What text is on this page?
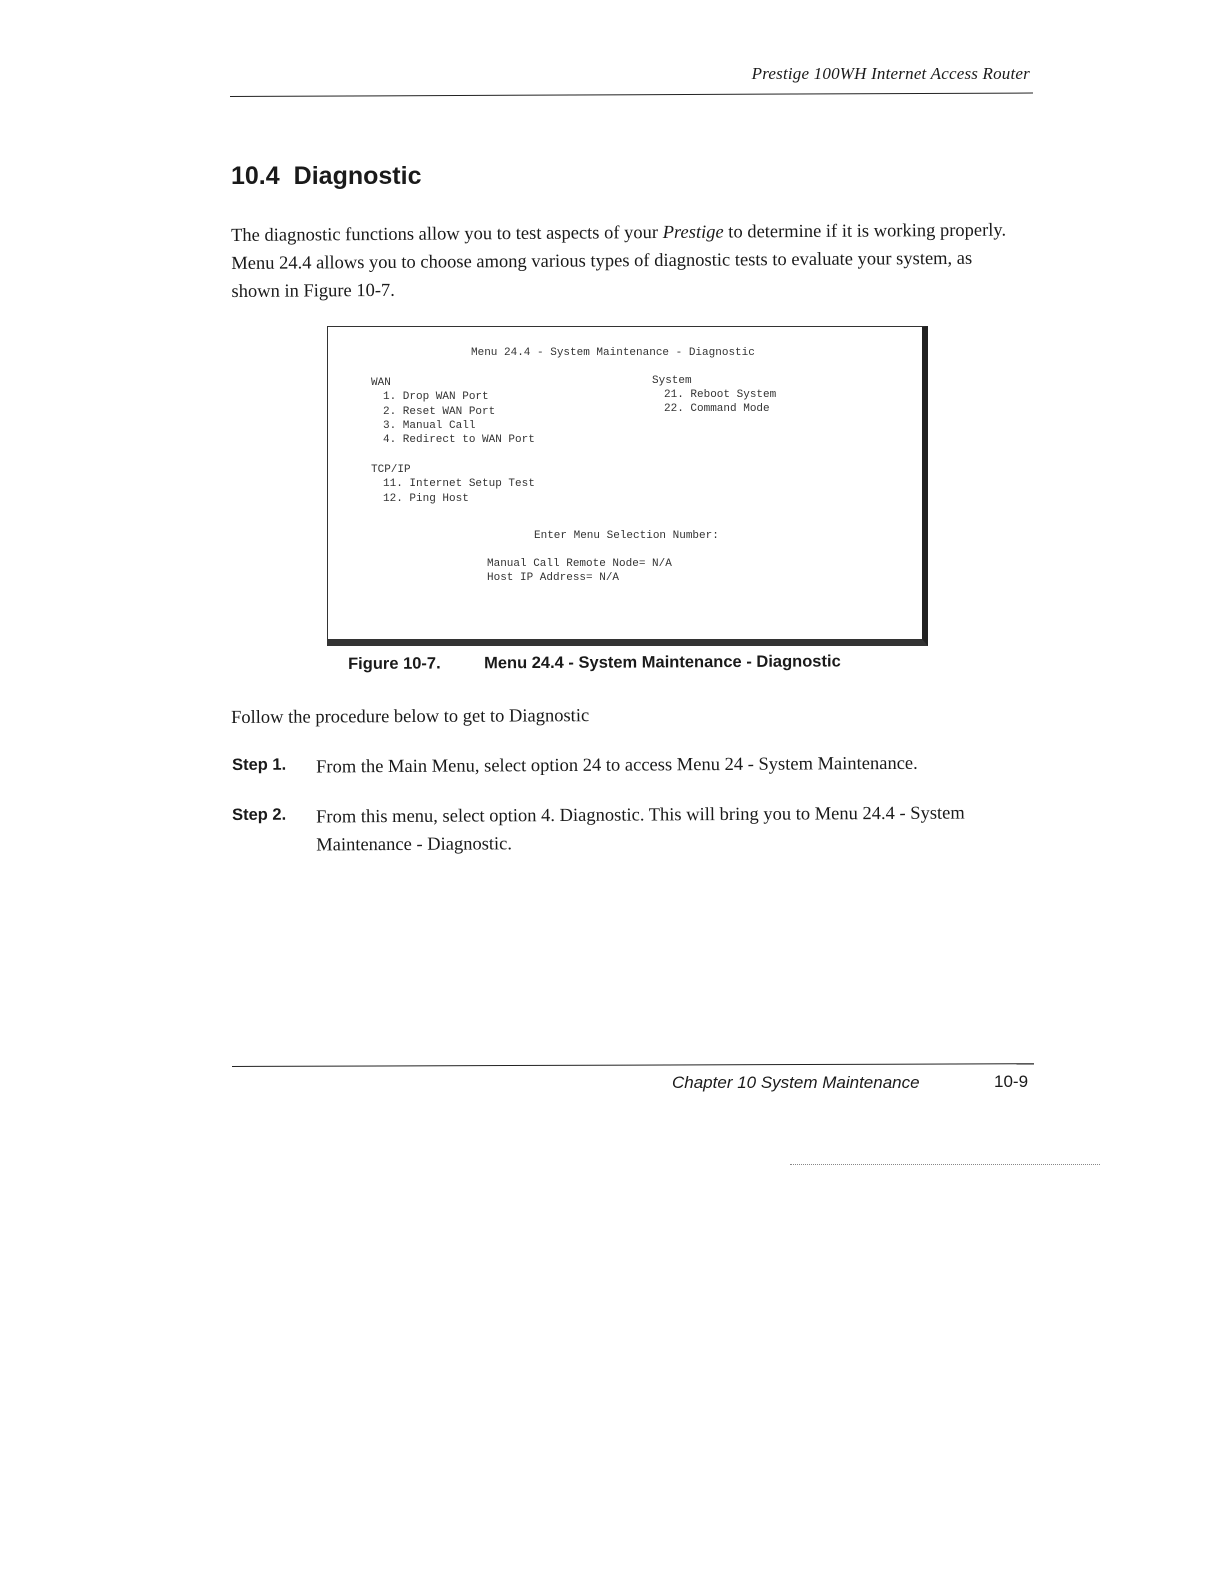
Prestige 100WH Internet Access Router
10.4 Diagnostic

The diagnostic functions allow you to test aspects of your Prestige to determine if it is working properly. Menu 24.4 allows you to choose among various types of diagnostic tests to evaluate your system, as shown in Figure 10-7.

Menu 24.4 - System Maintenance - Diagnostic
WAN
1. Drop WAN Port
2. Reset WAN Port
3. Manual Call
4. Redirect to WAN Port
System
21. Reboot System
22. Command Mode
TCP/IP
11. Internet Setup Test
12. Ping Host
Enter Menu Selection Number:
Manual Call Remote Node= N/A
Host IP Address= N/A
Figure 10-7.	Menu 24.4 - System Maintenance - Diagnostic

Follow the procedure below to get to Diagnostic

Step 1. From the Main Menu, select option 24 to access Menu 24 - System Maintenance.
Step 2. From this menu, select option 4. Diagnostic. This will bring you to Menu 24.4 - System Maintenance - Diagnostic.
Chapter 10 System Maintenance	10-9
